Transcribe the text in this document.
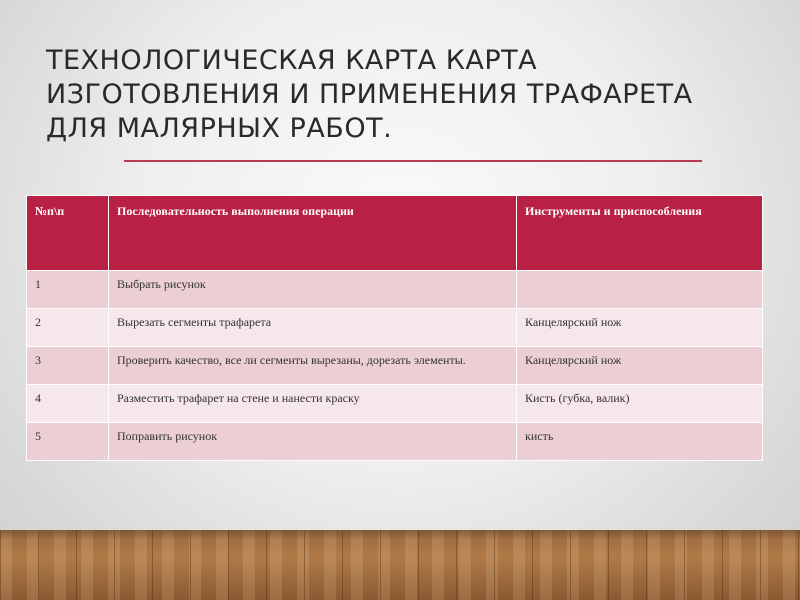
ТЕХНОЛОГИЧЕСКАЯ КАРТА КАРТА
ИЗГОТОВЛЕНИЯ И ПРИМЕНЕНИЯ ТРАФАРЕТА
ДЛЯ МАЛЯРНЫХ РАБОТ.
№п\п	Последовательность выполнения операции	Инструменты и приспособления
1	Выбрать рисунок	
2	Вырезать сегменты трафарета	Канцелярский нож
3	Проверить качество, все ли сегменты вырезаны, дорезать элементы.	Канцелярский нож
4	Разместить трафарет на стене и нанести краску	Кисть (губка, валик)
5	Поправить рисунок	кисть
